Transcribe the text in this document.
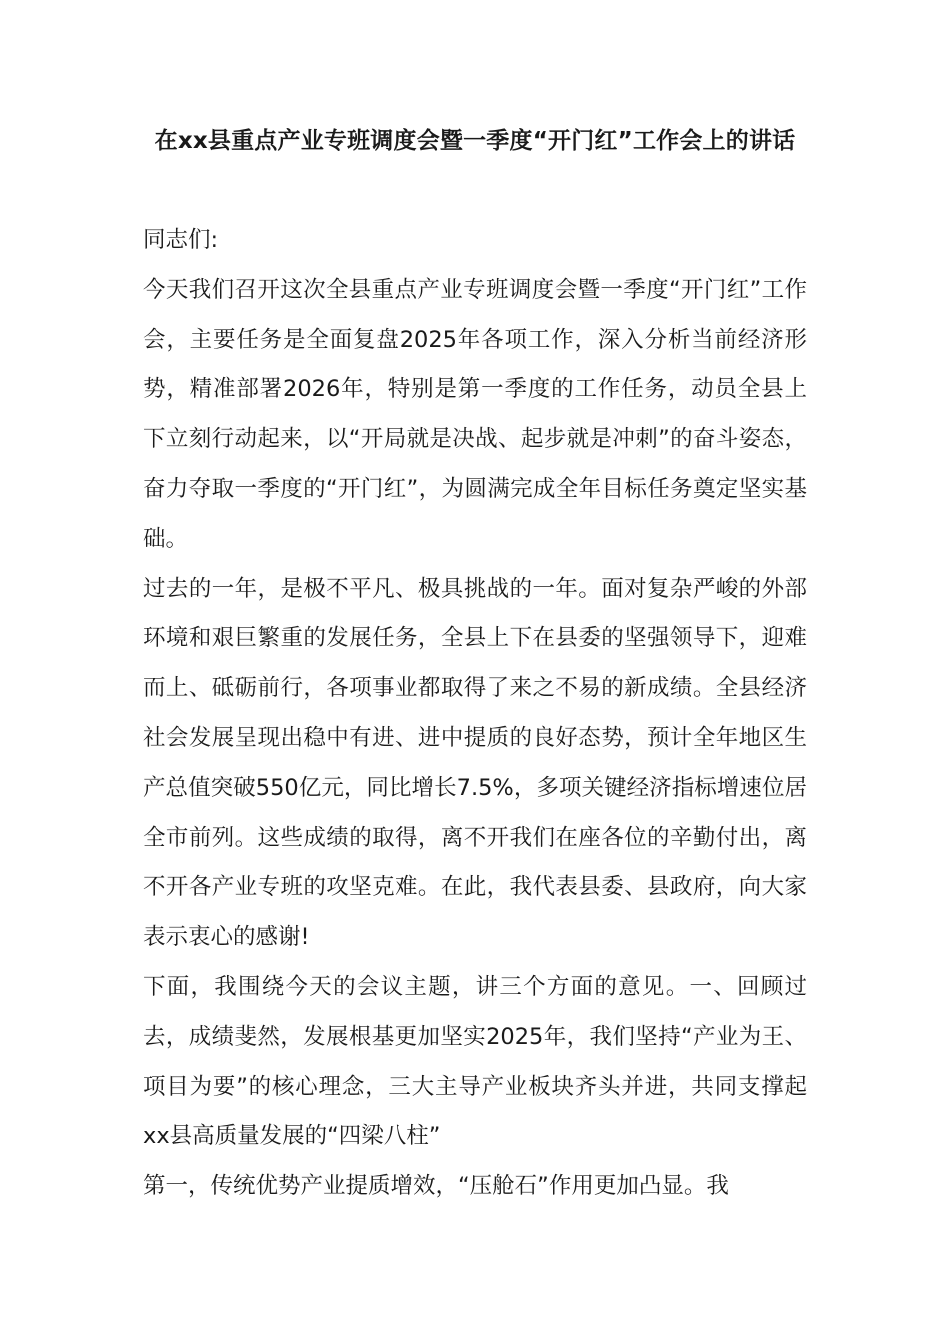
在xx县重点产业专班调度会暨一季度“开门红”工作会上的讲话

同志们:

今天我们召开这次全县重点产业专班调度会暨一季度“开门红”工作会，主要任务是全面复盘2025年各项工作，深入分析当前经济形势，精准部署2026年，特别是第一季度的工作任务，动员全县上下立刻行动起来，以“开局就是决战、起步就是冲刺”的奋斗姿态，奋力夺取一季度的“开门红”，为圆满完成全年目标任务奠定坚实基础。

过去的一年，是极不平凡、极具挑战的一年。面对复杂严峻的外部环境和艰巨繁重的发展任务，全县上下在县委的坚强领导下，迎难而上、砥砺前行，各项事业都取得了来之不易的新成绩。全县经济社会发展呈现出稳中有进、进中提质的良好态势，预计全年地区生产总值突破550亿元，同比增长7.5%，多项关键经济指标增速位居全市前列。这些成绩的取得，离不开我们在座各位的辛勤付出，离不开各产业专班的攻坚克难。在此，我代表县委、县政府，向大家表示衷心的感谢!

下面，我围绕今天的会议主题，讲三个方面的意见。一、回顾过去，成绩斐然，发展根基更加坚实2025年，我们坚持“产业为王、项目为要”的核心理念，三大主导产业板块齐头并进，共同支撑起xx县高质量发展的“四梁八柱”

第一，传统优势产业提质增效，“压舱石”作用更加凸显。我
